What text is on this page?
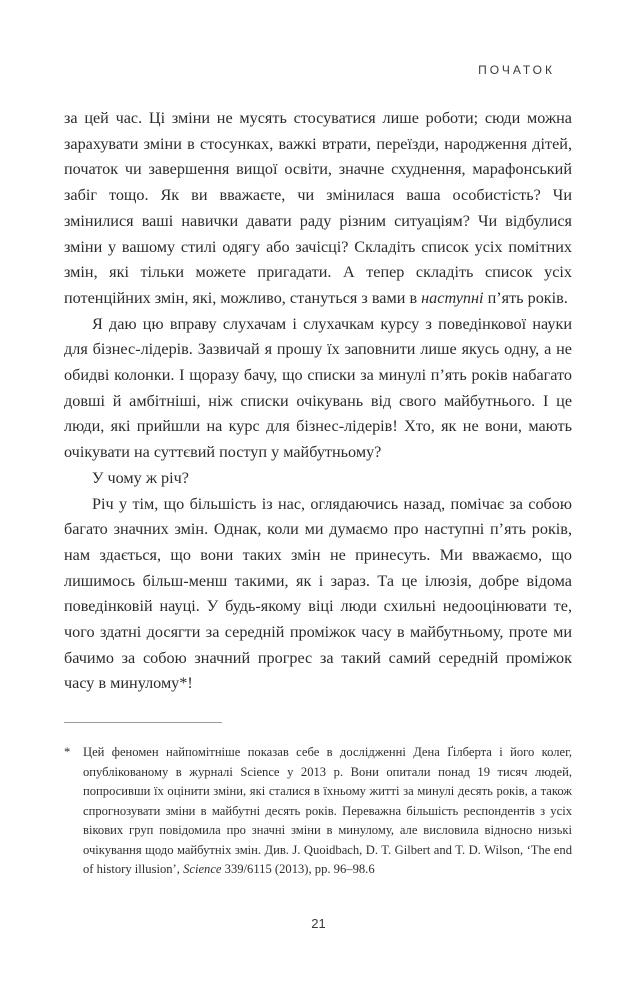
ПОЧАТОК

за цей час. Ці зміни не мусять стосуватися лише роботи; сюди можна зарахувати зміни в стосунках, важкі втрати, переїзди, народження дітей, початок чи завершення вищої освіти, значне схуднення, марафонський забіг тощо. Як ви вважаєте, чи змінилася ваша особистість? Чи змінилися ваші навички давати раду різним ситуаціям? Чи відбулися зміни у вашому стилі одягу або зачісці? Складіть список усіх помітних змін, які тільки можете пригадати. А тепер складіть список усіх потенційних змін, які, можливо, станутьcя з вами в наступні п’ять років.

Я даю цю вправу слухачам і слухачкам курсу з поведінкової науки для бізнес-лідерів. Зазвичай я прошу їх заповнити лише якусь одну, а не обидві колонки. І щоразу бачу, що списки за минулі п’ять років набагато довші й амбітніші, ніж списки очікувань від свого майбутнього. І це люди, які прийшли на курс для бізнес-лідерів! Хто, як не вони, мають очікувати на суттєвий поступ у майбутньому?

У чому ж річ?

Річ у тім, що більшість із нас, оглядаючись назад, помічає за собою багато значних змін. Однак, коли ми думаємо про наступні п’ять років, нам здається, що вони таких змін не принесуть. Ми вважаємо, що лишимось більш-менш такими, як і зараз. Та це ілюзія, добре відома поведінковій науці. У будь-якому віці люди схильні недооцінювати те, чого здатні досягти за середній проміжок часу в майбутньому, проте ми бачимо за собою значний прогрес за такий самий середній проміжок часу в минулому*!

* Цей феномен найпомітніше показав себе в дослідженні Дена Ґілберта і його колег, опублікованому в журналі Science у 2013 р. Вони опитали понад 19 тисяч людей, попросивши їх оцінити зміни, які сталися в їхньому житті за минулі десять років, а також спрогнозувати зміни в майбутні десять років. Переважна більшість респондентів з усіх вікових груп повідомила про значні зміни в минулому, але висловила відносно низькі очікування щодо майбутніх змін. Див. J. Quoidbach, D. T. Gilbert and T. D. Wilson, ‘The end of history illusion’, Science 339/6115 (2013), pp. 96–98.6
21
